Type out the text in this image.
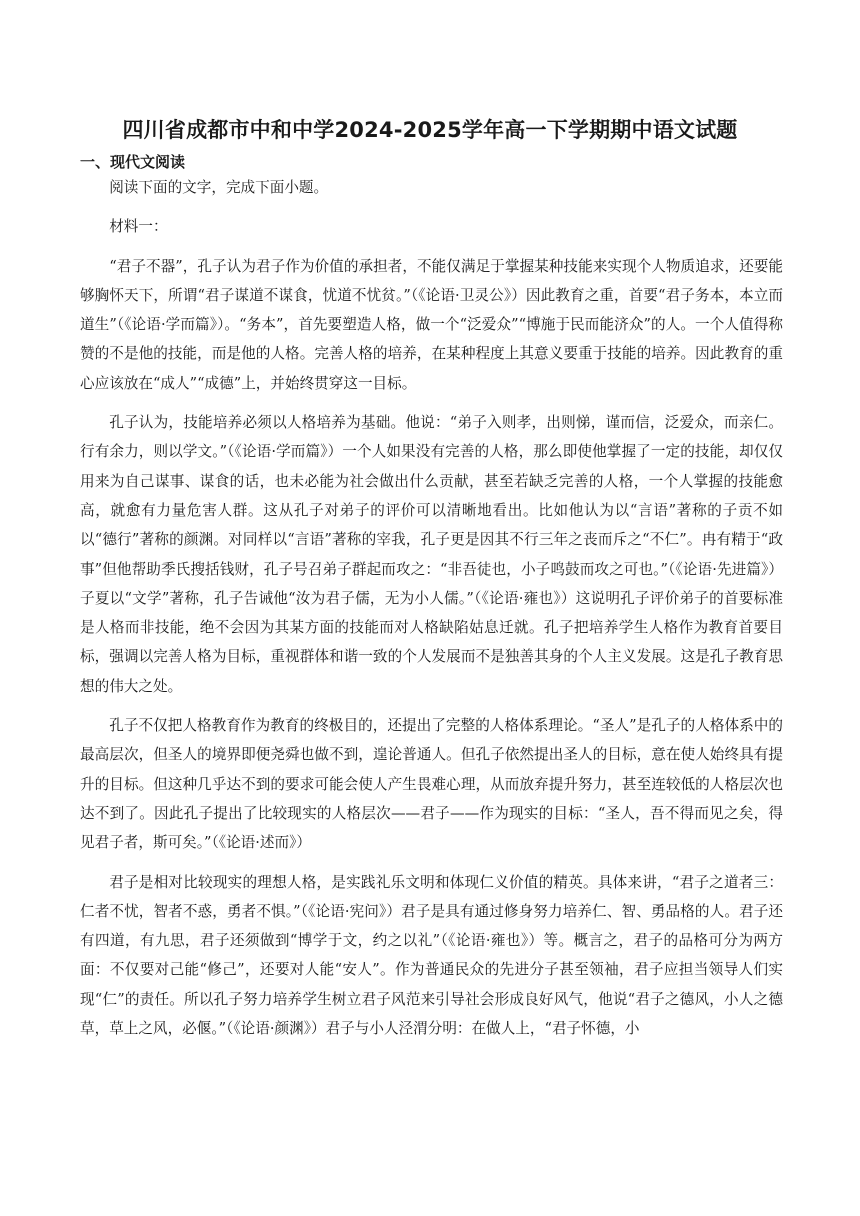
四川省成都市中和中学2024-2025学年高一下学期期中语文试题
一、现代文阅读

阅读下面的文字，完成下面小题。

材料一：

“君子不器”，孔子认为君子作为价值的承担者，不能仅满足于掌握某种技能来实现个人物质追求，还要能够胸怀天下，所谓“君子谋道不谋食，忧道不忧贫。”（《论语·卫灵公》）因此教育之重，首要“君子务本，本立而道生”（《论语·学而篇》）。“务本”，首先要塑造人格，做一个“泛爱众”“博施于民而能济众”的人。一个人值得称赞的不是他的技能，而是他的人格。完善人格的培养，在某种程度上其意义要重于技能的培养。因此教育的重心应该放在“成人”“成德”上，并始终贯穿这一目标。

孔子认为，技能培养必须以人格培养为基础。他说：“弟子入则孝，出则悌，谨而信，泛爱众，而亲仁。行有余力，则以学文。”（《论语·学而篇》）一个人如果没有完善的人格，那么即使他掌握了一定的技能，却仅仅用来为自己谋事、谋食的话，也未必能为社会做出什么贡献，甚至若缺乏完善的人格，一个人掌握的技能愈高，就愈有力量危害人群。这从孔子对弟子的评价可以清晰地看出。比如他认为以“言语”著称的子贡不如以“德行”著称的颜渊。对同样以“言语”著称的宰我，孔子更是因其不行三年之丧而斥之“不仁”。冉有精于“政事”但他帮助季氏搜括钱财，孔子号召弟子群起而攻之：“非吾徒也，小子鸣鼓而攻之可也。”（《论语·先进篇》）子夏以“文学”著称，孔子告诫他“汝为君子儒，无为小人儒。”（《论语·雍也》）这说明孔子评价弟子的首要标准是人格而非技能，绝不会因为其某方面的技能而对人格缺陷姑息迁就。孔子把培养学生人格作为教育首要目标，强调以完善人格为目标，重视群体和谐一致的个人发展而不是独善其身的个人主义发展。这是孔子教育思想的伟大之处。

孔子不仅把人格教育作为教育的终极目的，还提出了完整的人格体系理论。“圣人”是孔子的人格体系中的最高层次，但圣人的境界即便尧舜也做不到，遑论普通人。但孔子依然提出圣人的目标，意在使人始终具有提升的目标。但这种几乎达不到的要求可能会使人产生畏难心理，从而放弃提升努力，甚至连较低的人格层次也达不到了。因此孔子提出了比较现实的人格层次——君子——作为现实的目标：“圣人，吾不得而见之矣，得见君子者，斯可矣。”（《论语·述而》）

君子是相对比较现实的理想人格，是实践礼乐文明和体现仁义价值的精英。具体来讲，“君子之道者三：仁者不忧，智者不惑，勇者不惧。”（《论语·宪问》）君子是具有通过修身努力培养仁、智、勇品格的人。君子还有四道，有九思，君子还须做到“博学于文，约之以礼”（《论语·雍也》）等。概言之，君子的品格可分为两方面：不仅要对己能“修己”，还要对人能“安人”。作为普通民众的先进分子甚至领袖，君子应担当领导人们实现“仁”的责任。所以孔子努力培养学生树立君子风范来引导社会形成良好风气，他说“君子之德风，小人之德草，草上之风，必偃。”（《论语·颜渊》）君子与小人泾渭分明：在做人上，“君子怀德，小
